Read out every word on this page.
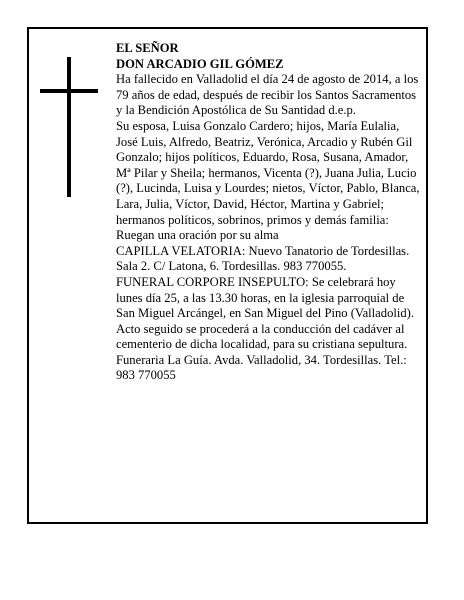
EL SEÑOR

DON ARCADIO GIL GÓMEZ

Ha fallecido en Valladolid el día 24 de agosto de 2014, a los 79 años de edad, después de recibir los Santos Sacramentos y la Bendición Apostólica de Su Santidad d.e.p.

Su esposa, Luisa Gonzalo Cardero; hijos, María Eulalia, José Luis, Alfredo, Beatriz, Verónica, Arcadio y Rubén Gil Gonzalo; hijos políticos, Eduardo, Rosa, Susana, Amador, Mª Pilar y Sheila; hermanos, Vicenta (?), Juana Julia, Lucio (?), Lucinda, Luisa y Lourdes; nietos, Víctor, Pablo, Blanca, Lara, Julia, Víctor, David, Héctor, Martina y Gabriel; hermanos políticos, sobrinos, primos y demás familia:

Ruegan una oración por su alma

CAPILLA VELATORIA: Nuevo Tanatorio de Tordesillas. Sala 2. C/ Latona, 6. Tordesillas. 983 770055.

FUNERAL CORPORE INSEPULTO: Se celebrará hoy lunes día 25, a las 13.30 horas, en la iglesia parroquial de San Miguel Arcángel, en San Miguel del Pino (Valladolid). Acto seguido se procederá a la conducción del cadáver al cementerio de dicha localidad, para su cristiana sepultura.

Funeraria La Guía. Avda. Valladolid, 34. Tordesillas. Tel.: 983 770055
